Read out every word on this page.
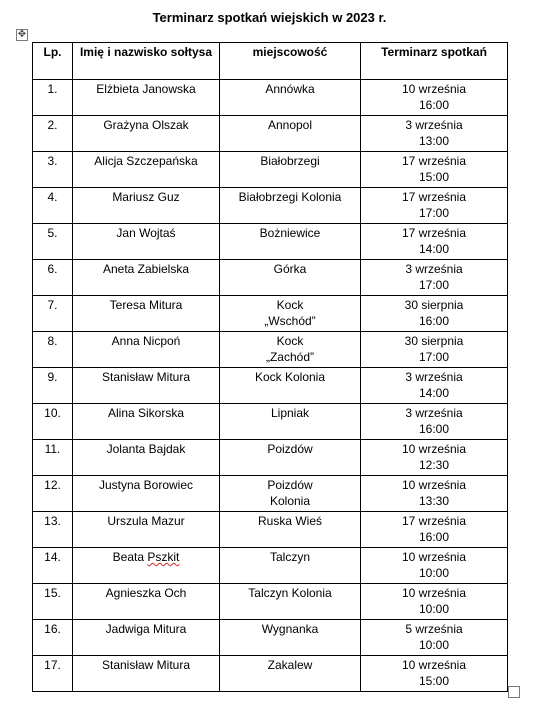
Terminarz spotkań wiejskich w 2023 r.
✥
Lp.	Imię i nazwisko sołtysa	miejscowość	Terminarz spotkań
1.	Elżbieta Janowska	Annówka	10 września
16:00
2.	Grażyna Olszak	Annopol	3 września
13:00
3.	Alicja Szczepańska	Białobrzegi	17 września
15:00
4.	Mariusz Guz	Białobrzegi Kolonia	17 września
17:00
5.	Jan Wojtaś	Bożniewice	17 września
14:00
6.	Aneta Zabielska	Górka	3 września
17:00
7.	Teresa Mitura	Kock
„Wschód”	30 sierpnia
16:00
8.	Anna Nicpoń	Kock
„Zachód”	30 sierpnia
17:00
9.	Stanisław Mitura	Kock Kolonia	3 września
14:00
10.	Alina Sikorska	Lipniak	3 września
16:00
11.	Jolanta Bajdak	Poizdów	10 września
12:30
12.	Justyna Borowiec	Poizdów
Kolonia	10 września
13:30
13.	Urszula Mazur	Ruska Wieś	17 września
16:00
14.	Beata Pszkit	Talczyn	10 września
10:00
15.	Agnieszka Och	Talczyn Kolonia	10 września
10:00
16.	Jadwiga Mitura	Wygnanka	5 września
10:00
17.	Stanisław Mitura	Zakalew	10 września
15:00
